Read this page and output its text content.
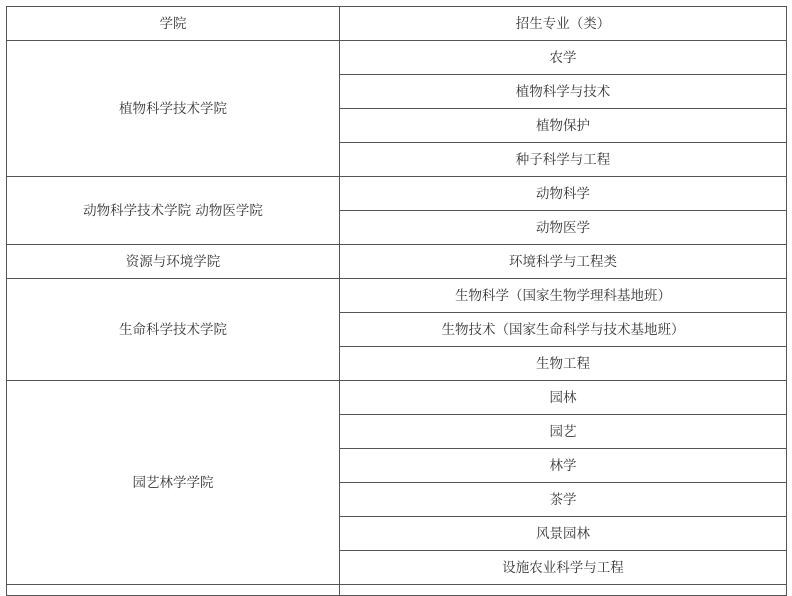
学院	招生专业（类）
植物科学技术学院	农学
	植物科学与技术
	植物保护
	种子科学与工程
动物科学技术学院 动物医学院	动物科学
	动物医学
资源与环境学院	环境科学与工程类
生命科学技术学院	生物科学（国家生物学理科基地班）
	生物技术（国家生命科学与技术基地班）
	生物工程
园艺林学学院	园林
	园艺
	林学
	茶学
	风景园林
	设施农业科学与工程
